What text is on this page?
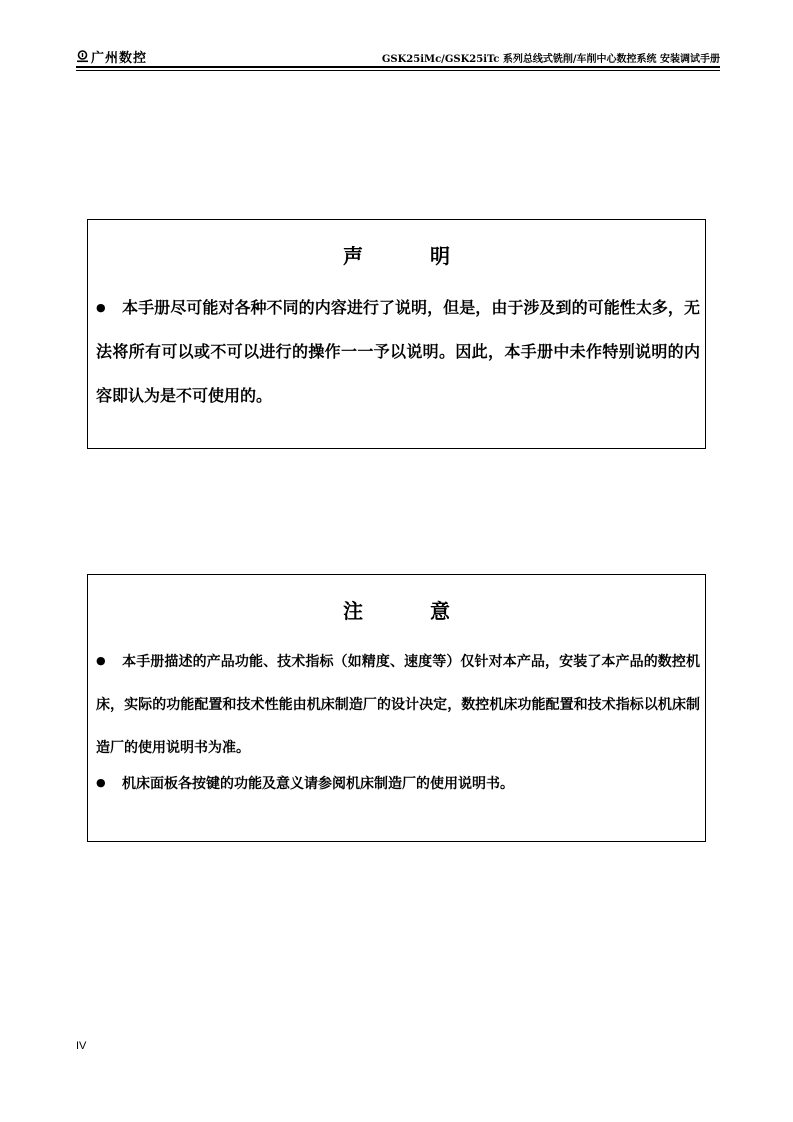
广州数控	GSK25iMc/GSK25iTc 系列总线式铣削/车削中心数控系统 安装调试手册
声 明
● 本手册尽可能对各种不同的内容进行了说明，但是，由于涉及到的可能性太多，无法将所有可以或不可以进行的操作一一予以说明。因此，本手册中未作特别说明的内容即认为是不可使用的。
注 意
● 本手册描述的产品功能、技术指标（如精度、速度等）仅针对本产品，安装了本产品的数控机床，实际的功能配置和技术性能由机床制造厂的设计决定，数控机床功能配置和技术指标以机床制造厂的使用说明书为准。
● 机床面板各按键的功能及意义请参阅机床制造厂的使用说明书。
IV
